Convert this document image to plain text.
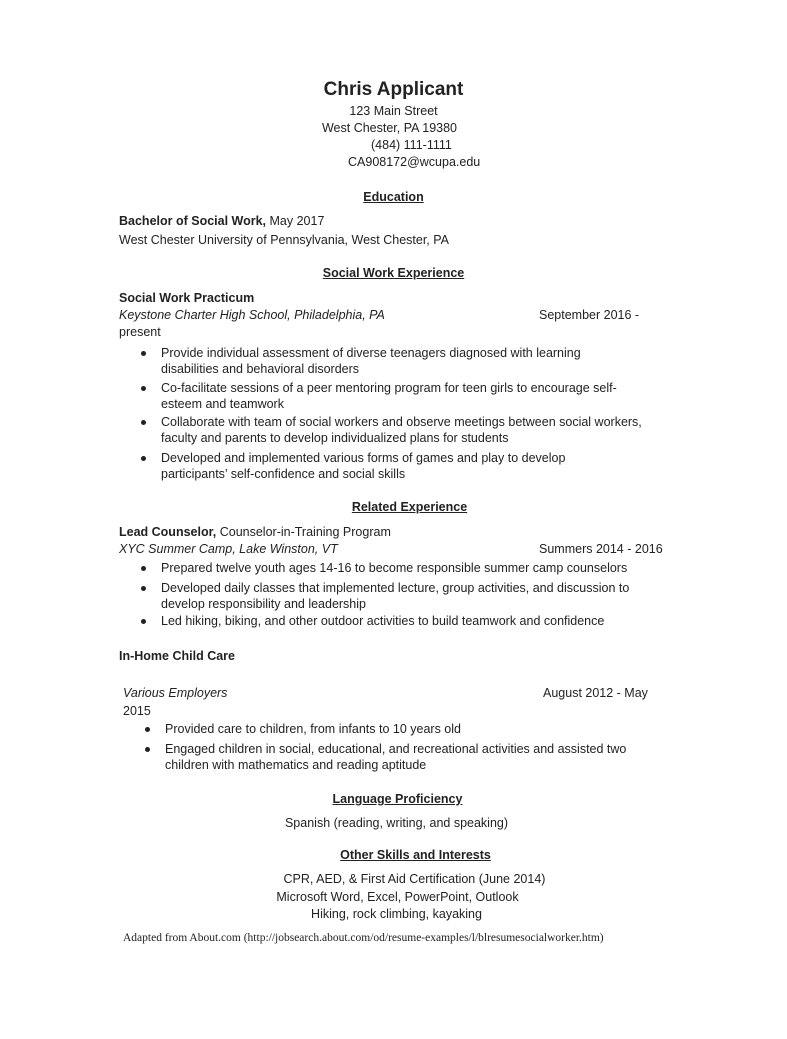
Chris Applicant
123 Main Street
West Chester, PA 19380
(484) 111-1111
CA908172@wcupa.edu
Education
Bachelor of Social Work, May 2017
West Chester University of Pennsylvania, West Chester, PA
Social Work Experience
Social Work Practicum
Keystone Charter High School, Philadelphia, PA	September 2016 -
present
Provide individual assessment of diverse teenagers diagnosed with learning
disabilities and behavioral disorders
Co-facilitate sessions of a peer mentoring program for teen girls to encourage self-
esteem and teamwork
Collaborate with team of social workers and observe meetings between social workers,
faculty and parents to develop individualized plans for students
Developed and implemented various forms of games and play to develop
participants’ self-confidence and social skills
Related Experience
Lead Counselor, Counselor-in-Training Program
XYC Summer Camp, Lake Winston, VT	Summers 2014 - 2016
Prepared twelve youth ages 14-16 to become responsible summer camp counselors
Developed daily classes that implemented lecture, group activities, and discussion to
develop responsibility and leadership
Led hiking, biking, and other outdoor activities to build teamwork and confidence
In-Home Child Care
Various Employers	August 2012 - May
2015
Provided care to children, from infants to 10 years old
Engaged children in social, educational, and recreational activities and assisted two
children with mathematics and reading aptitude
Language Proficiency
Spanish (reading, writing, and speaking)
Other Skills and Interests
CPR, AED, & First Aid Certification (June 2014)
Microsoft Word, Excel, PowerPoint, Outlook
Hiking, rock climbing, kayaking
Adapted from About.com (http://jobsearch.about.com/od/resume-examples/l/blresumesocialworker.htm)
